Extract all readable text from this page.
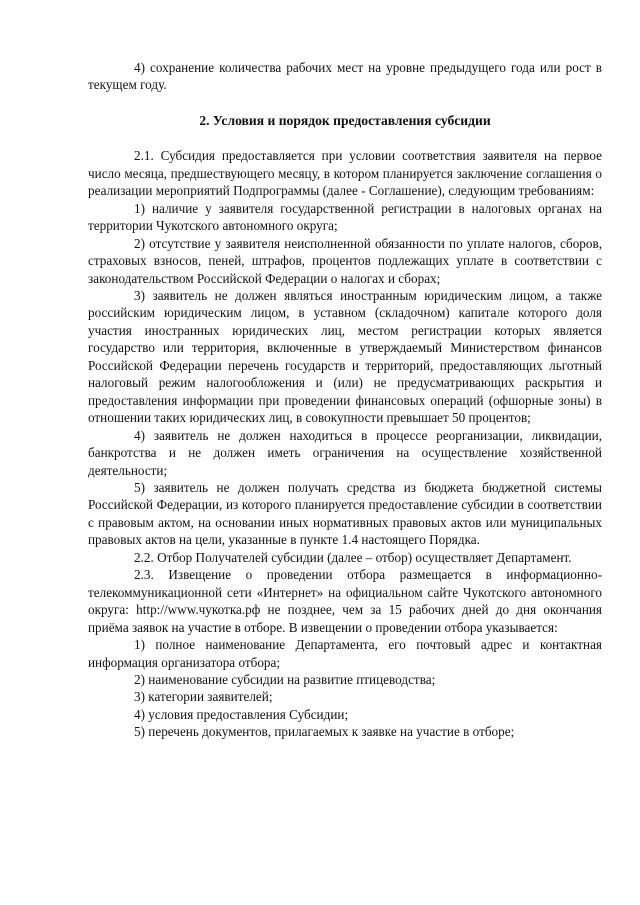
4) сохранение количества рабочих мест на уровне предыдущего года или рост в текущем году.

2. Условия и порядок предоставления субсидии

2.1. Субсидия предоставляется при условии соответствия заявителя на первое число месяца, предшествующего месяцу, в котором планируется заключение соглашения о реализации мероприятий Подпрограммы (далее - Соглашение), следующим требованиям:

1) наличие у заявителя государственной регистрации в налоговых органах на территории Чукотского автономного округа;

2) отсутствие у заявителя неисполненной обязанности по уплате налогов, сборов, страховых взносов, пеней, штрафов, процентов подлежащих уплате в соответствии с законодательством Российской Федерации о налогах и сборах;

3) заявитель не должен являться иностранным юридическим лицом, а также российским юридическим лицом, в уставном (складочном) капитале которого доля участия иностранных юридических лиц, местом регистрации которых является государство или территория, включенные в утверждаемый Министерством финансов Российской Федерации перечень государств и территорий, предоставляющих льготный налоговый режим налогообложения и (или) не предусматривающих раскрытия и предоставления информации при проведении финансовых операций (офшорные зоны) в отношении таких юридических лиц, в совокупности превышает 50 процентов;

4) заявитель не должен находиться в процессе реорганизации, ликвидации, банкротства и не должен иметь ограничения на осуществление хозяйственной деятельности;

5) заявитель не должен получать средства из бюджета бюджетной системы Российской Федерации, из которого планируется предоставление субсидии в соответствии с правовым актом, на основании иных нормативных правовых актов или муниципальных правовых актов на цели, указанные в пункте 1.4 настоящего Порядка.

2.2. Отбор Получателей субсидии (далее – отбор) осуществляет Департамент.

2.3. Извещение о проведении отбора размещается в информационно-телекоммуникационной сети «Интернет» на официальном сайте Чукотского автономного округа: http://www.чукотка.рф не позднее, чем за 15 рабочих дней до дня окончания приёма заявок на участие в отборе. В извещении о проведении отбора указывается:

1) полное наименование Департамента, его почтовый адрес и контактная информация организатора отбора;

2) наименование субсидии на развитие птицеводства;

3) категории заявителей;

4) условия предоставления Субсидии;

5) перечень документов, прилагаемых к заявке на участие в отборе;
